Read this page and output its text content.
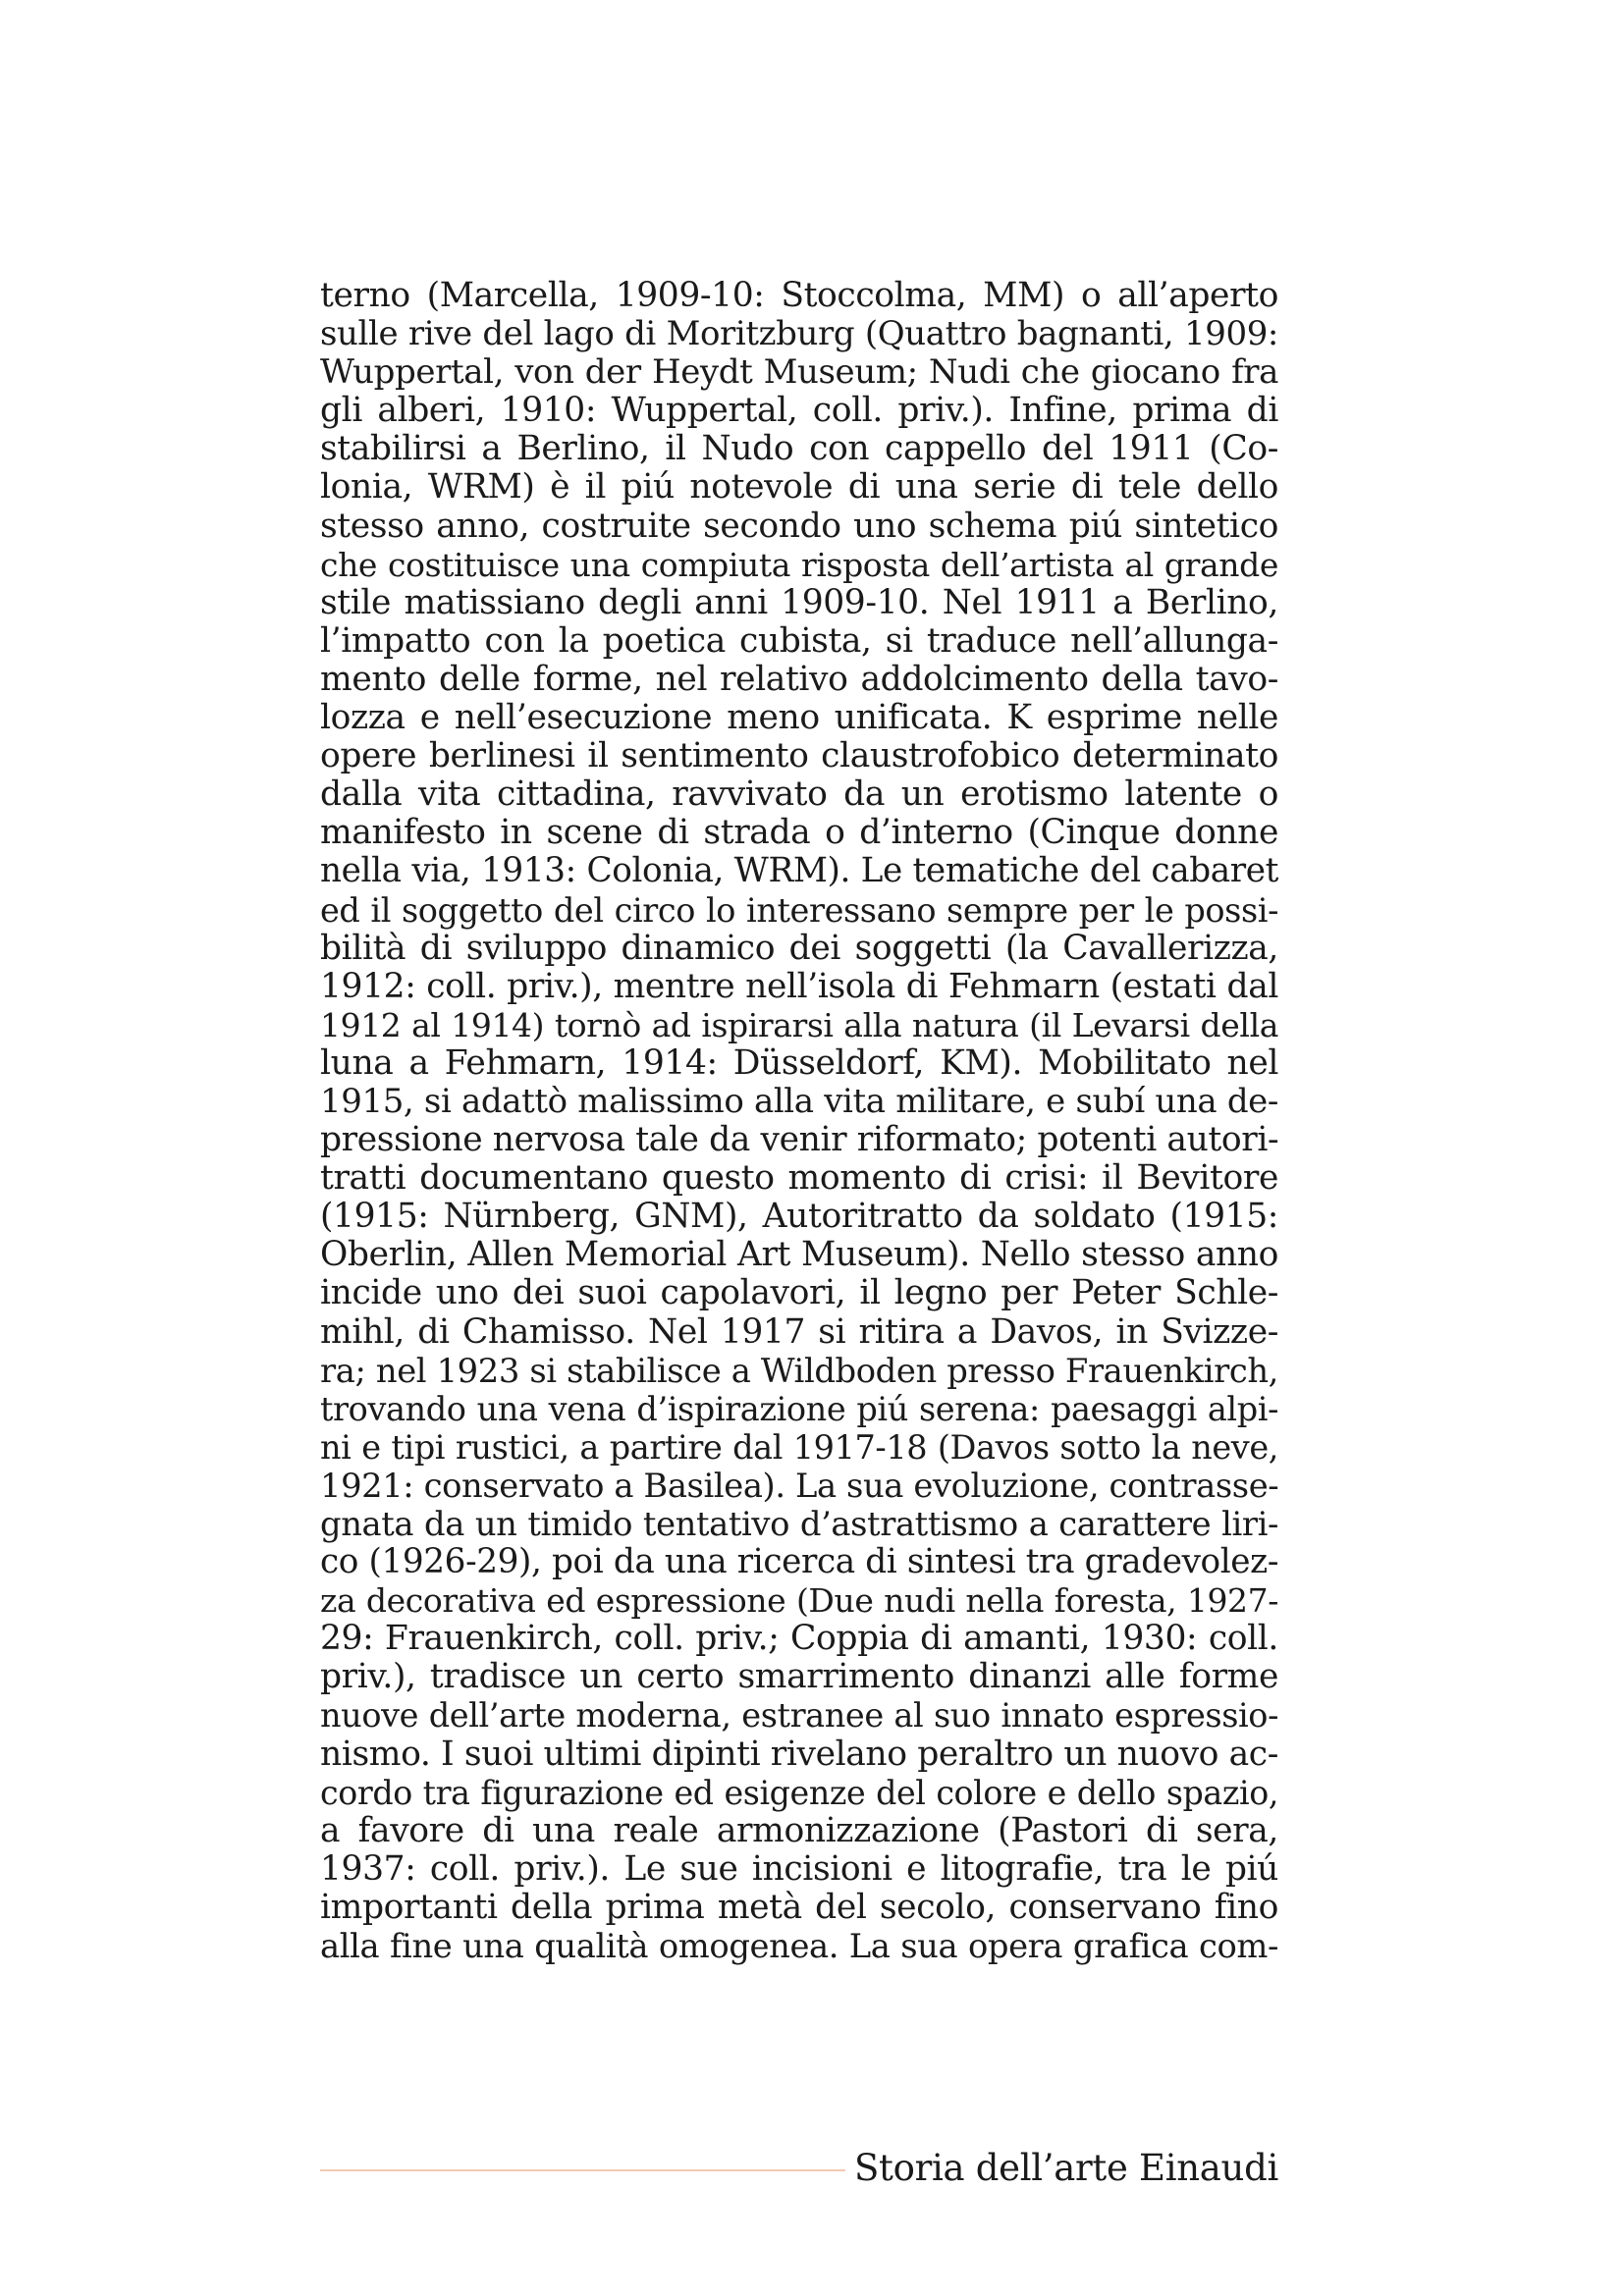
terno (Marcella, 1909-10: Stoccolma, MM) o all’aperto
sulle rive del lago di Moritzburg (Quattro bagnanti, 1909:
Wuppertal, von der Heydt Museum; Nudi che giocano fra
gli alberi, 1910: Wuppertal, coll. priv.). Infine, prima di
stabilirsi a Berlino, il Nudo con cappello del 1911 (Co-
lonia, WRM) è il piú notevole di una serie di tele dello
stesso anno, costruite secondo uno schema piú sintetico
che costituisce una compiuta risposta dell’artista al grande
stile matissiano degli anni 1909-10. Nel 1911 a Berlino,
l’impatto con la poetica cubista, si traduce nell’allunga-
mento delle forme, nel relativo addolcimento della tavo-
lozza e nell’esecuzione meno unificata. K esprime nelle
opere berlinesi il sentimento claustrofobico determinato
dalla vita cittadina, ravvivato da un erotismo latente o
manifesto in scene di strada o d’interno (Cinque donne
nella via, 1913: Colonia, WRM). Le tematiche del cabaret
ed il soggetto del circo lo interessano sempre per le possi-
bilità di sviluppo dinamico dei soggetti (la Cavallerizza,
1912: coll. priv.), mentre nell’isola di Fehmarn (estati dal
1912 al 1914) tornò ad ispirarsi alla natura (il Levarsi della
luna a Fehmarn, 1914: Düsseldorf, KM). Mobilitato nel
1915, si adattò malissimo alla vita militare, e subí una de-
pressione nervosa tale da venir riformato; potenti autori-
tratti documentano questo momento di crisi: il Bevitore
(1915: Nürnberg, GNM), Autoritratto da soldato (1915:
Oberlin, Allen Memorial Art Museum). Nello stesso anno
incide uno dei suoi capolavori, il legno per Peter Schle-
mihl, di Chamisso. Nel 1917 si ritira a Davos, in Svizze-
ra; nel 1923 si stabilisce a Wildboden presso Frauenkirch,
trovando una vena d’ispirazione piú serena: paesaggi alpi-
ni e tipi rustici, a partire dal 1917-18 (Davos sotto la neve,
1921: conservato a Basilea). La sua evoluzione, contrasse-
gnata da un timido tentativo d’astrattismo a carattere liri-
co (1926-29), poi da una ricerca di sintesi tra gradevolez-
za decorativa ed espressione (Due nudi nella foresta, 1927-
29: Frauenkirch, coll. priv.; Coppia di amanti, 1930: coll.
priv.), tradisce un certo smarrimento dinanzi alle forme
nuove dell’arte moderna, estranee al suo innato espressio-
nismo. I suoi ultimi dipinti rivelano peraltro un nuovo ac-
cordo tra figurazione ed esigenze del colore e dello spazio,
a favore di una reale armonizzazione (Pastori di sera,
1937: coll. priv.). Le sue incisioni e litografie, tra le piú
importanti della prima metà del secolo, conservano fino
alla fine una qualità omogenea. La sua opera grafica com-
Storia dell’arte Einaudi
